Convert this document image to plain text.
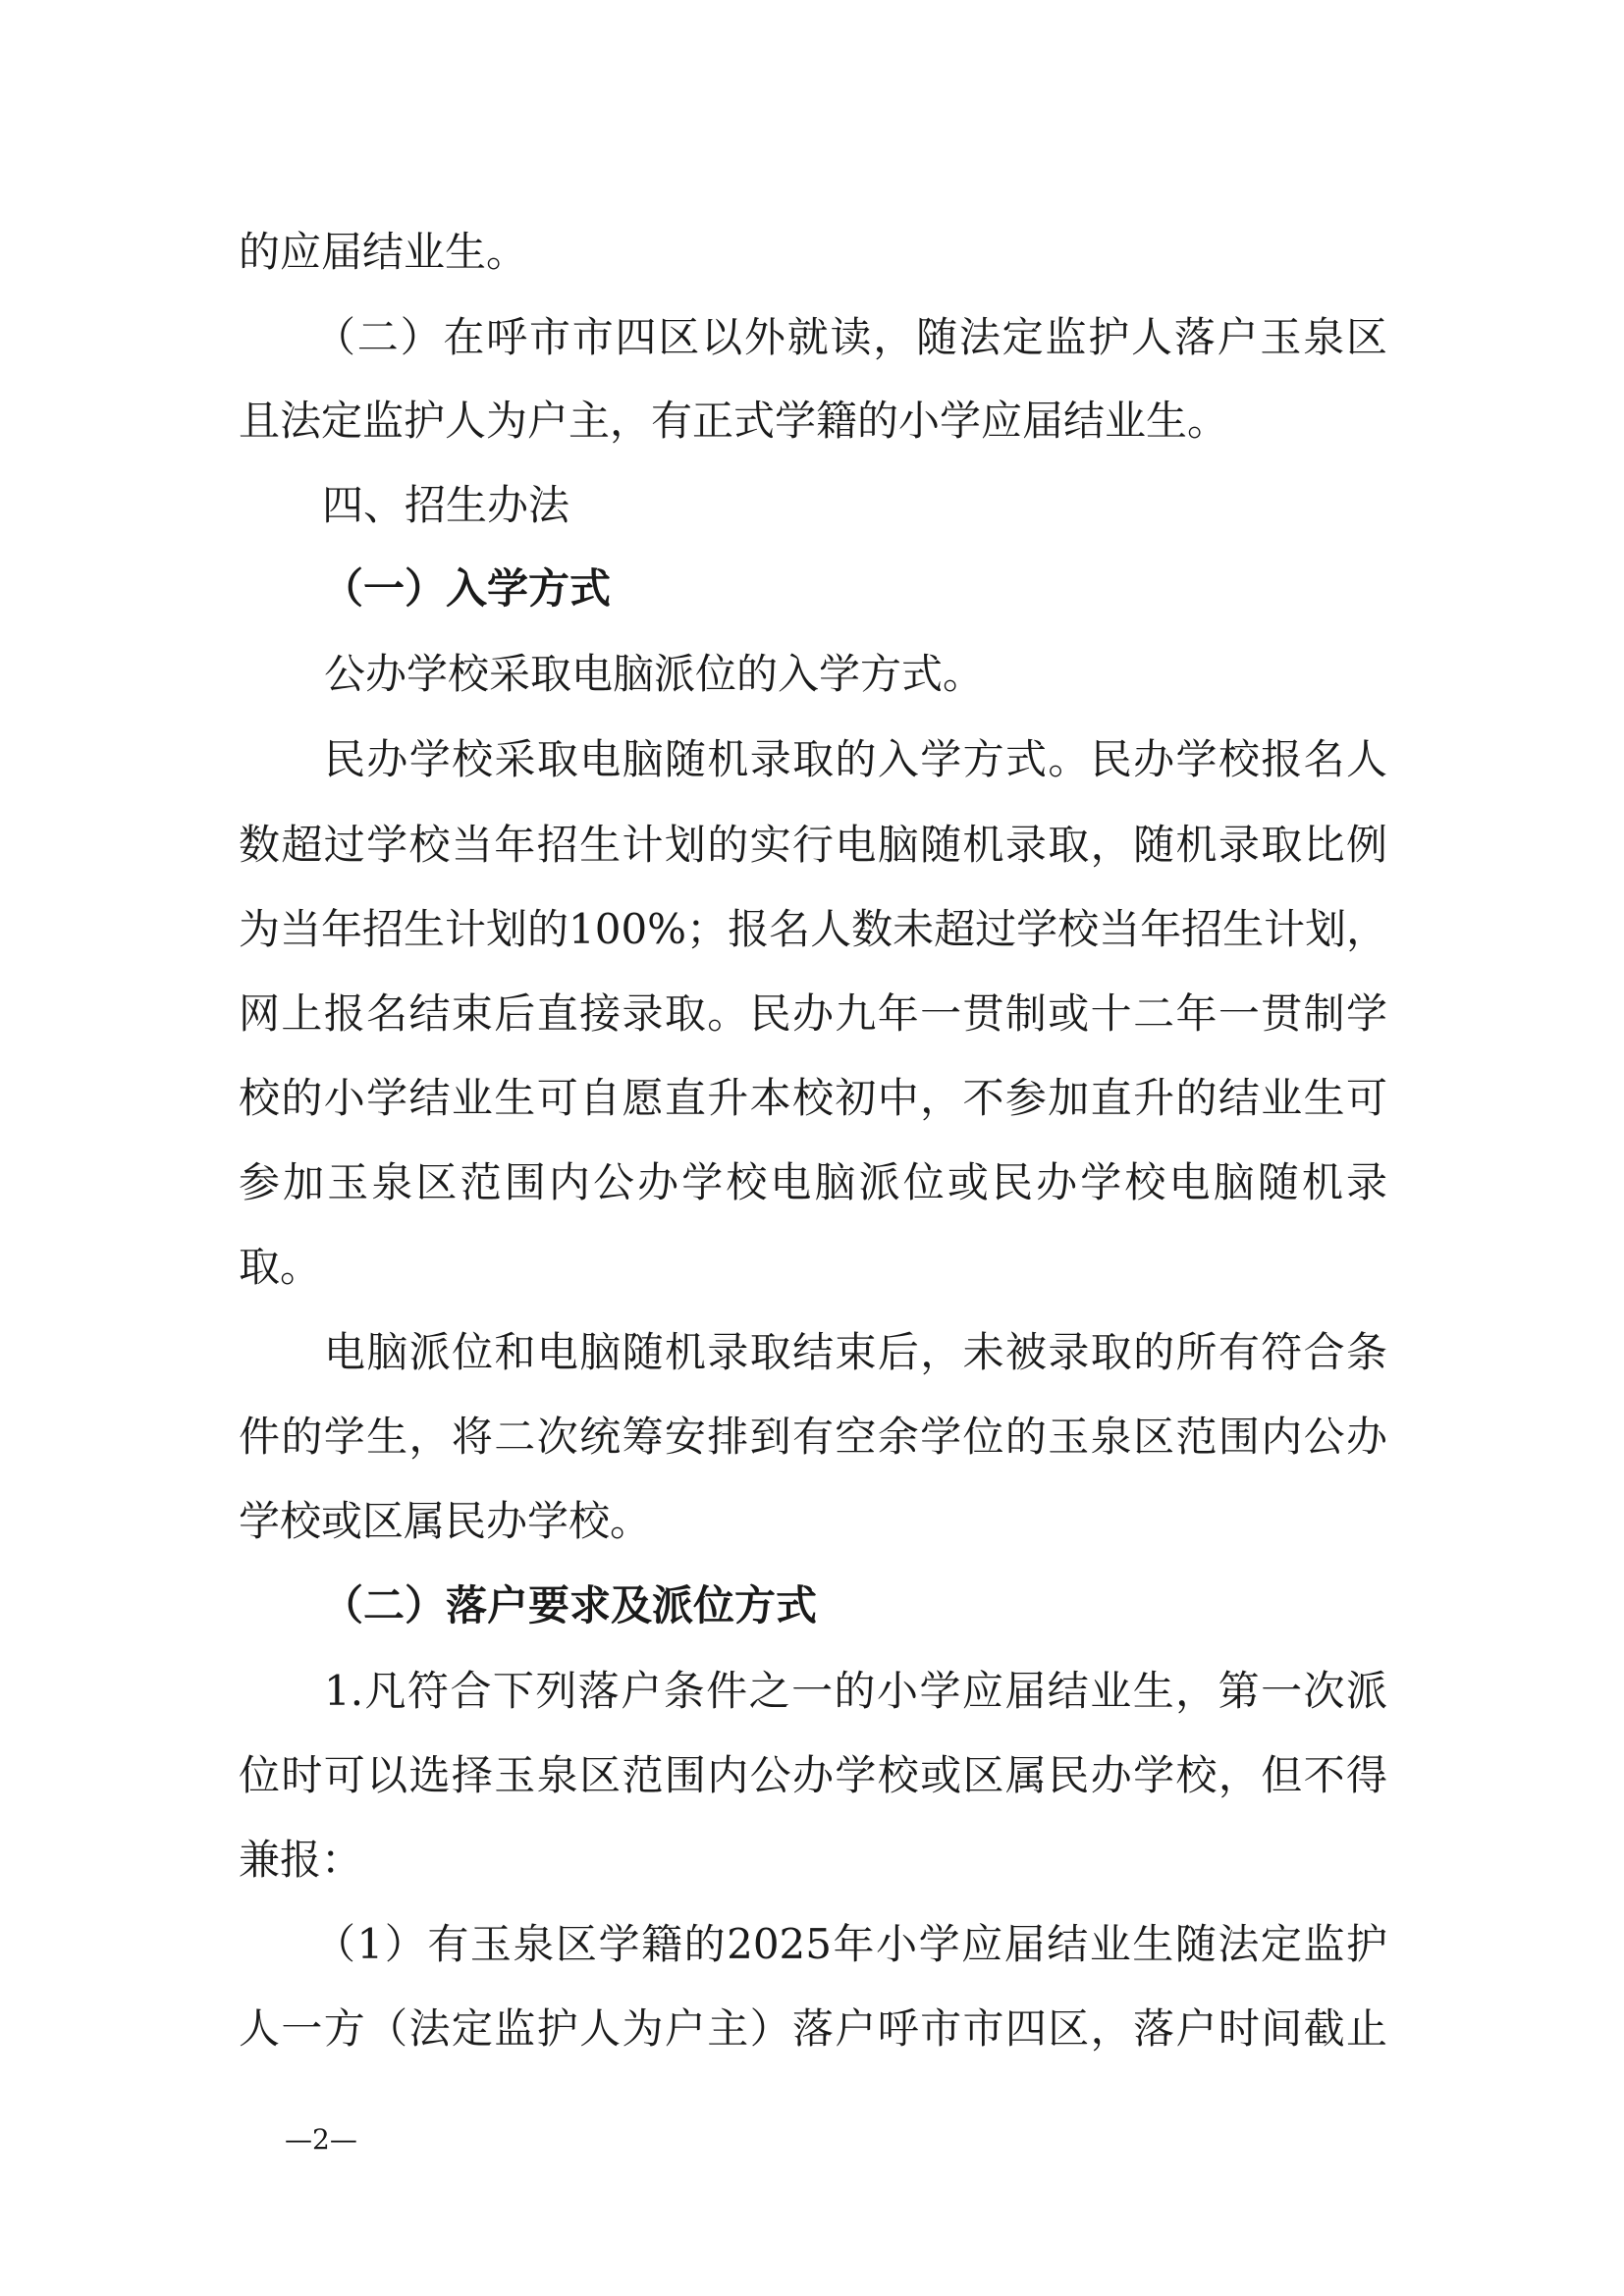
的应届结业生。
（二）在呼市市四区以外就读，随法定监护人落户玉泉区
且法定监护人为户主，有正式学籍的小学应届结业生。
四、招生办法
（一）入学方式
公办学校采取电脑派位的入学方式。
民办学校采取电脑随机录取的入学方式。民办学校报名人
数超过学校当年招生计划的实行电脑随机录取，随机录取比例
为当年招生计划的100%；报名人数未超过学校当年招生计划，
网上报名结束后直接录取。民办九年一贯制或十二年一贯制学
校的小学结业生可自愿直升本校初中，不参加直升的结业生可
参加玉泉区范围内公办学校电脑派位或民办学校电脑随机录
取。
电脑派位和电脑随机录取结束后，未被录取的所有符合条
件的学生，将二次统筹安排到有空余学位的玉泉区范围内公办
学校或区属民办学校。
（二）落户要求及派位方式
1.凡符合下列落户条件之一的小学应届结业生，第一次派
位时可以选择玉泉区范围内公办学校或区属民办学校，但不得
兼报：
（1）有玉泉区学籍的2025年小学应届结业生随法定监护
人一方（法定监护人为户主）落户呼市市四区，落户时间截止
—2—
